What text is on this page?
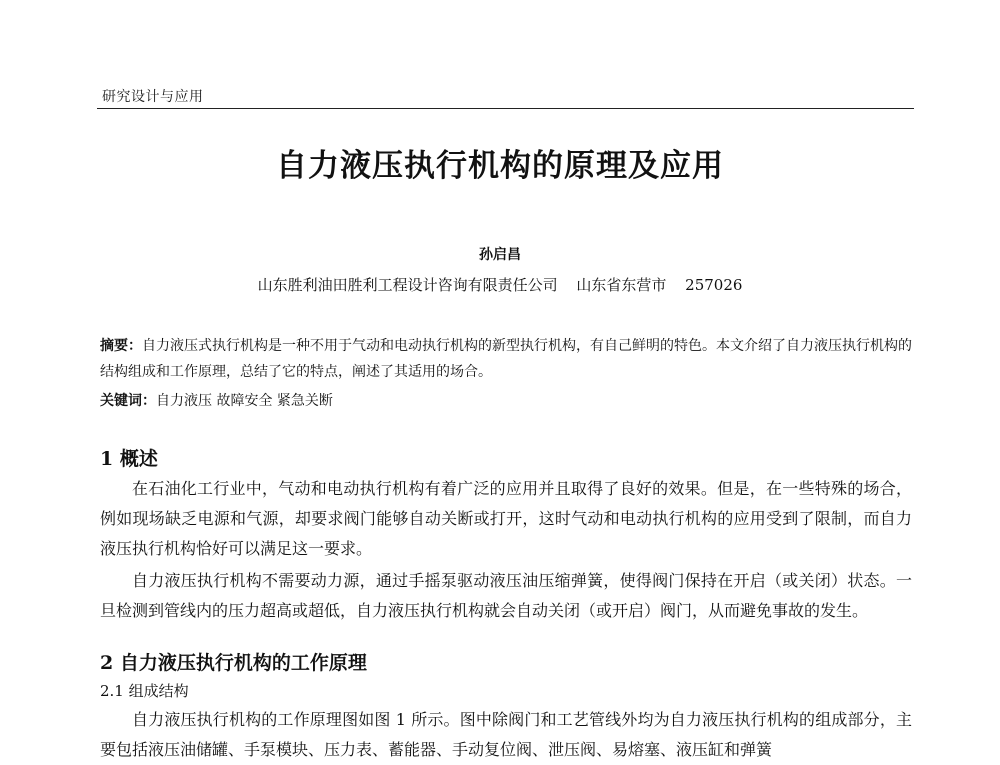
研究设计与应用
自力液压执行机构的原理及应用
孙启昌
山东胜利油田胜利工程设计咨询有限责任公司 山东省东营市 257026
摘要：自力液压式执行机构是一种不用于气动和电动执行机构的新型执行机构，有自己鲜明的特色。本文介绍了自力液压执行机构的结构组成和工作原理，总结了它的特点，阐述了其适用的场合。
关键词：自力液压 故障安全 紧急关断
1 概述
在石油化工行业中，气动和电动执行机构有着广泛的应用并且取得了良好的效果。但是，在一些特殊的场合，例如现场缺乏电源和气源，却要求阀门能够自动关断或打开，这时气动和电动执行机构的应用受到了限制，而自力液压执行机构恰好可以满足这一要求。
自力液压执行机构不需要动力源，通过手摇泵驱动液压油压缩弹簧，使得阀门保持在开启（或关闭）状态。一旦检测到管线内的压力超高或超低，自力液压执行机构就会自动关闭（或开启）阀门，从而避免事故的发生。
2 自力液压执行机构的工作原理
2.1 组成结构
自力液压执行机构的工作原理图如图 1 所示。图中除阀门和工艺管线外均为自力液压执行机构的组成部分，主要包括液压油储罐、手泵模块、压力表、蓄能器、手动复位阀、泄压阀、易熔塞、液压缸和弹簧
